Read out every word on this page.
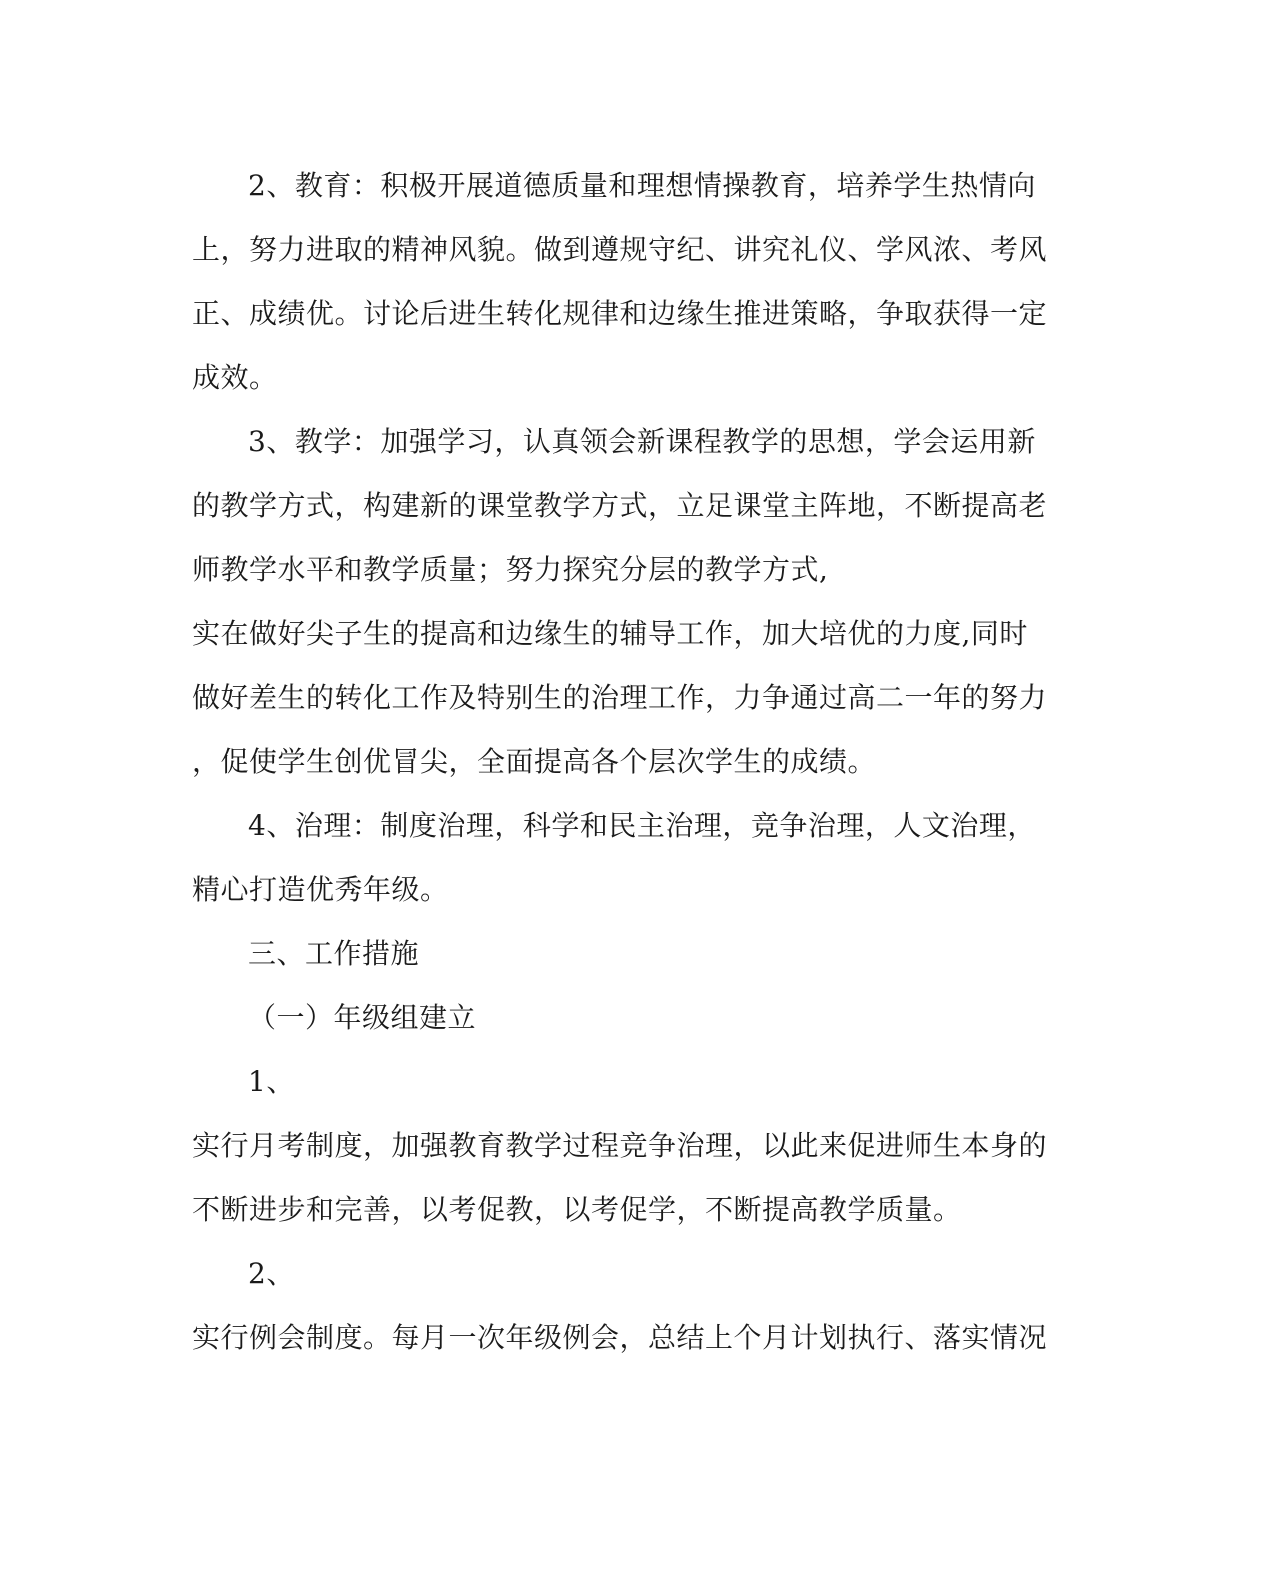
2、教育：积极开展道德质量和理想情操教育，培养学生热情向
上，努力进取的精神风貌。做到遵规守纪、讲究礼仪、学风浓、考风
正、成绩优。讨论后进生转化规律和边缘生推进策略，争取获得一定
成效。
3、教学：加强学习，认真领会新课程教学的思想，学会运用新
的教学方式，构建新的课堂教学方式，立足课堂主阵地，不断提高老
师教学水平和教学质量；努力探究分层的教学方式,
实在做好尖子生的提高和边缘生的辅导工作，加大培优的力度,同时
做好差生的转化工作及特别生的治理工作，力争通过高二一年的努力
，促使学生创优冒尖，全面提高各个层次学生的成绩。
4、治理：制度治理，科学和民主治理，竞争治理，人文治理，
精心打造优秀年级。
三、工作措施
（一）年级组建立
1、
实行月考制度，加强教育教学过程竞争治理，以此来促进师生本身的
不断进步和完善，以考促教，以考促学，不断提高教学质量。
2、
实行例会制度。每月一次年级例会，总结上个月计划执行、落实情况
